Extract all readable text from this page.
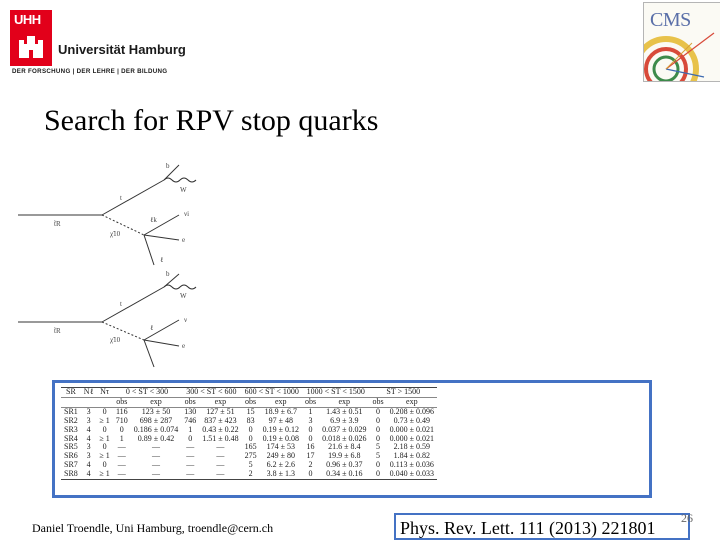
UHH
Universität Hamburg
DER FORSCHUNG | DER LEHRE | DER BILDUNG
CMS
Search for RPV stop quarks
t̃R
b
W
t
νi
ℓk
χ̃10
e
ℓ
t̃R
b
W
t
ν
ℓ
χ̃10
e
SR	Nℓ	Nτ	0 < ST < 300		300 < ST < 600		600 < ST < 1000		1000 < ST < 1500		ST > 1500	
			obs	exp	obs	exp	obs	exp	obs	exp	obs	exp
SR1	3	0	116	123 ± 50	130	127 ± 51	15	18.9 ± 6.7	1	1.43 ± 0.51	0	0.208 ± 0.096
SR2	3	≥ 1	710	698 ± 287	746	837 ± 423	83	97 ± 48	3	6.9 ± 3.9	0	0.73 ± 0.49
SR3	4	0	0	0.186 ± 0.074	1	0.43 ± 0.22	0	0.19 ± 0.12	0	0.037 ± 0.029	0	0.000 ± 0.021
SR4	4	≥ 1	1	0.89 ± 0.42	0	1.51 ± 0.48	0	0.19 ± 0.08	0	0.018 ± 0.026	0	0.000 ± 0.021
SR5	3	0	—	—	—	—	165	174 ± 53	16	21.6 ± 8.4	5	2.18 ± 0.59
SR6	3	≥ 1	—	—	—	—	275	249 ± 80	17	19.9 ± 6.8	5	1.84 ± 0.82
SR7	4	0	—	—	—	—	5	6.2 ± 2.6	2	0.96 ± 0.37	0	0.113 ± 0.036
SR8	4	≥ 1	—	—	—	—	2	3.8 ± 1.3	0	0.34 ± 0.16	0	0.040 ± 0.033
Daniel Troendle, Uni Hamburg, troendle@cern.ch	Phys. Rev. Lett. 111 (2013) 221801 26
